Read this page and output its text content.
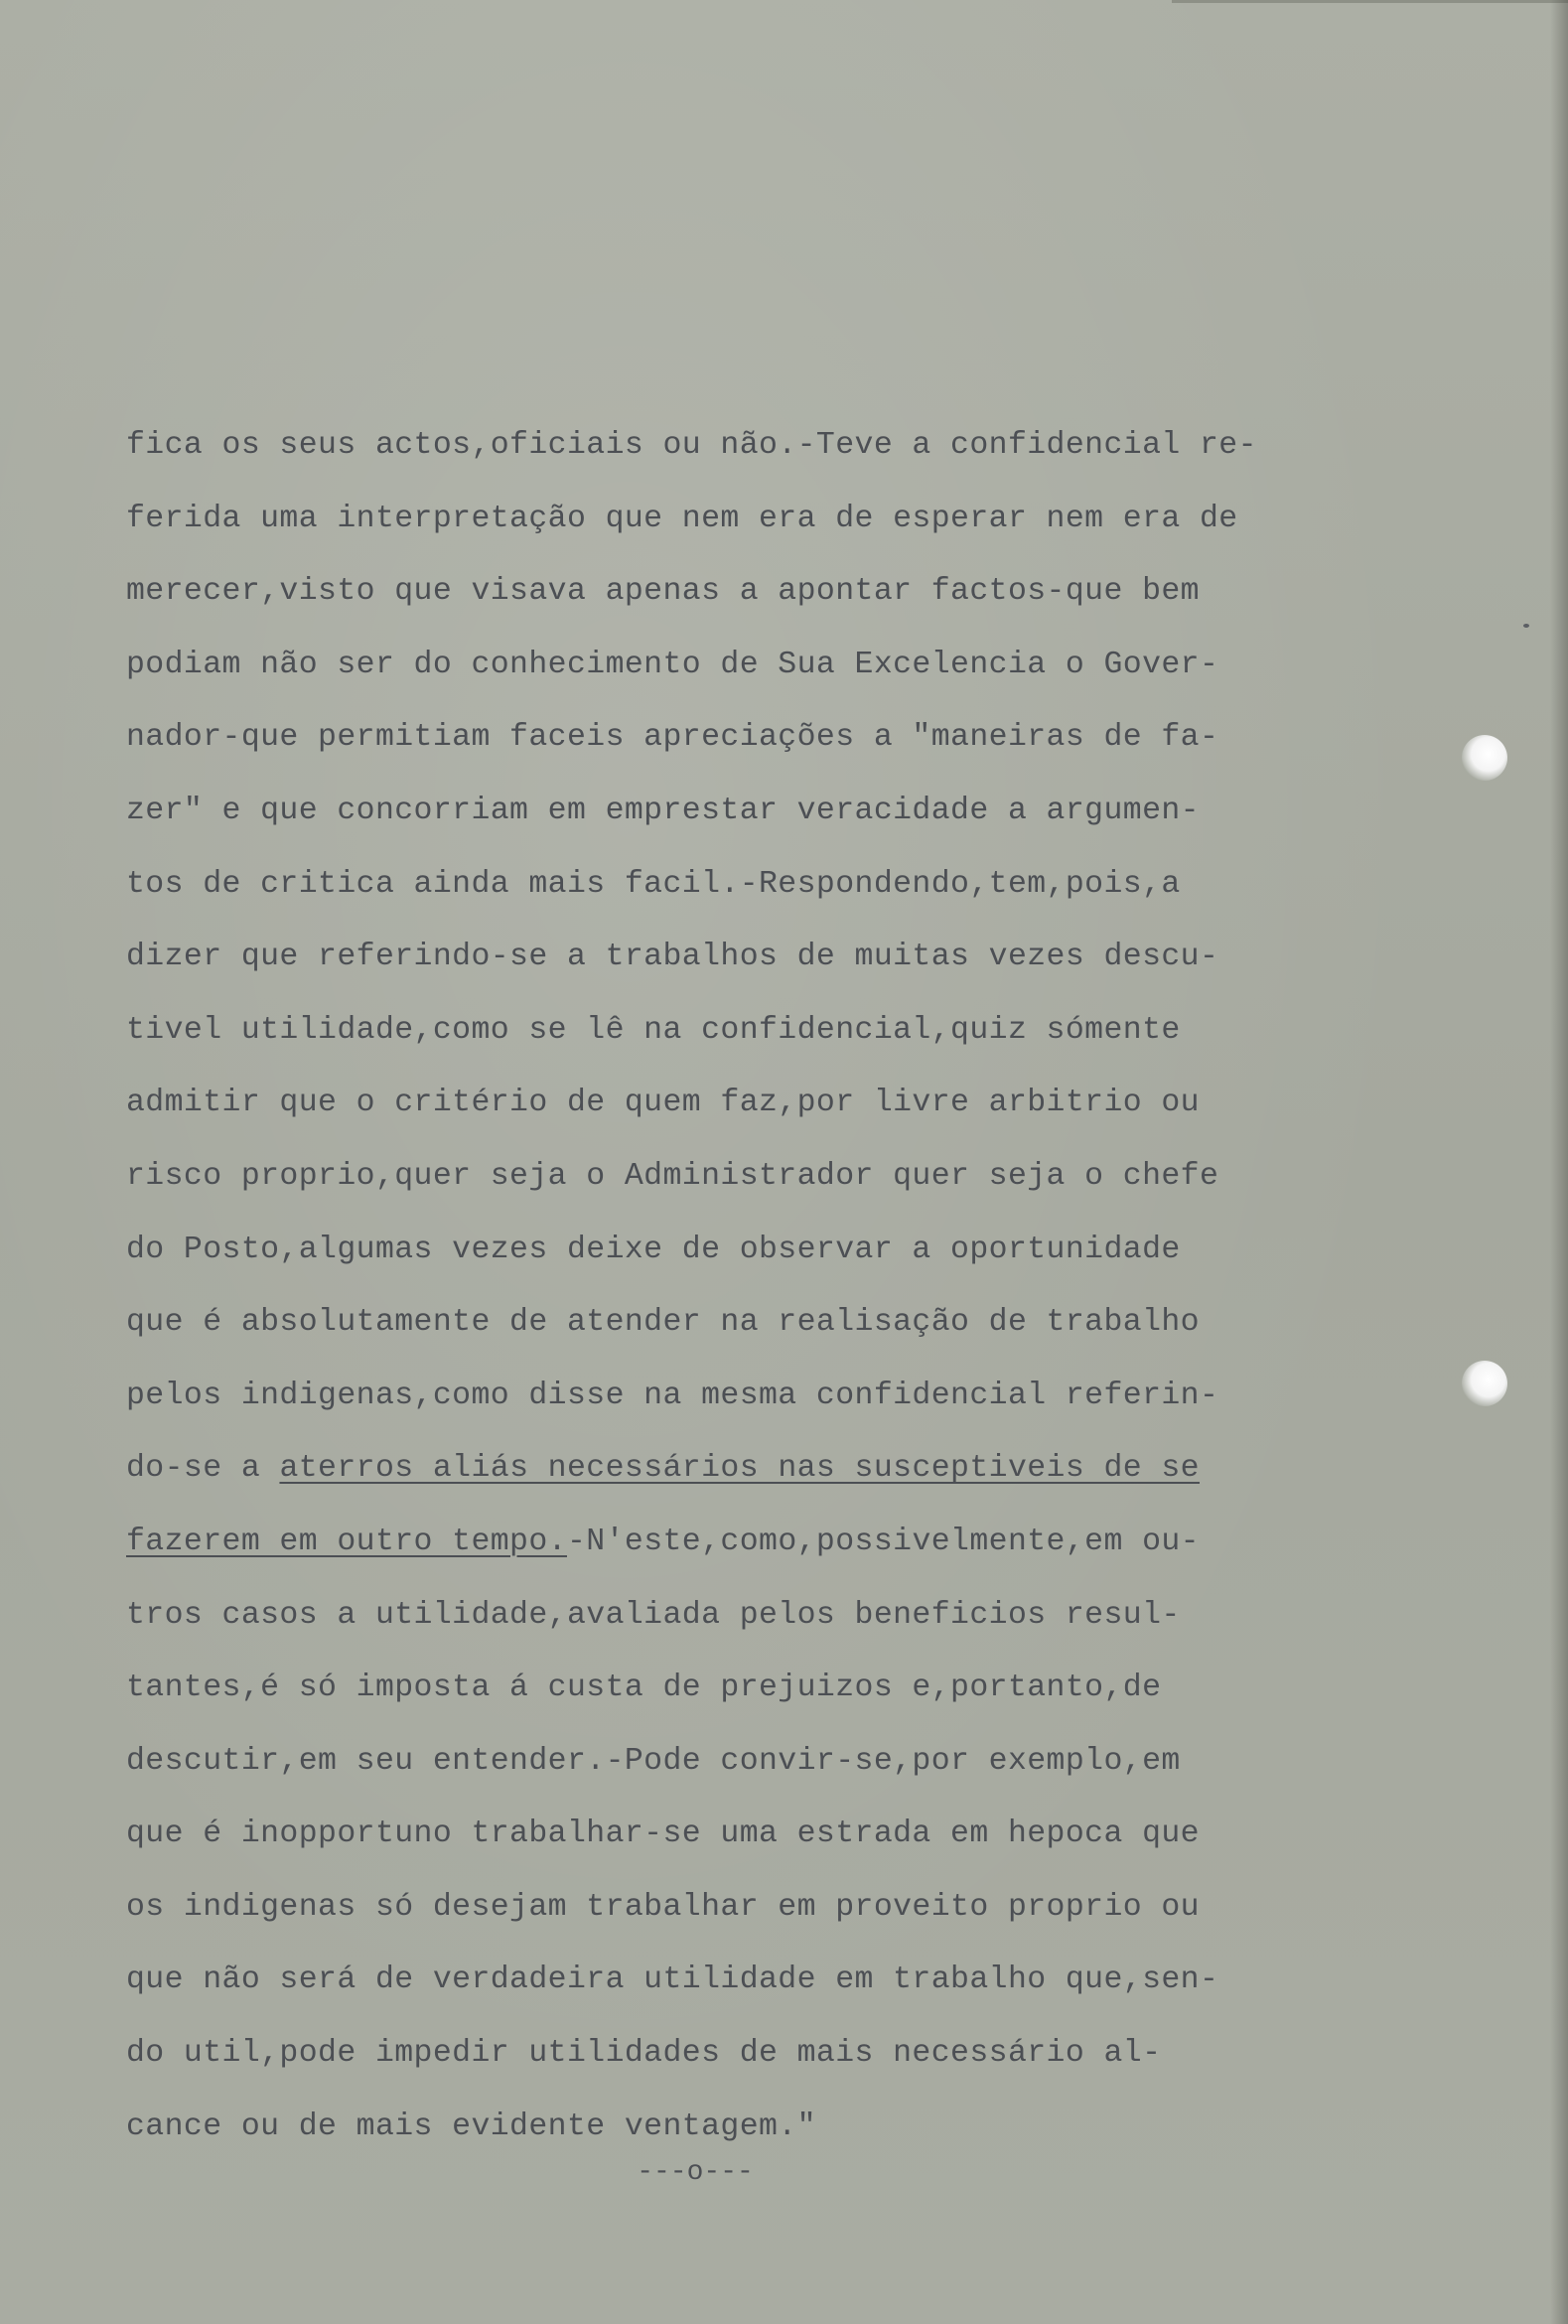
fica os seus actos,oficiais ou não.-Teve a confidencial re-
ferida uma interpretação que nem era de esperar nem era de
merecer,visto que visava apenas a apontar factos-que bem
podiam não ser do conhecimento de Sua Excelencia o Gover-
nador-que permitiam faceis apreciações a "maneiras de fa-
zer" e que concorriam em emprestar veracidade a argumen-
tos de critica ainda mais facil.-Respondendo,tem,pois,a
dizer que referindo-se a trabalhos de muitas vezes descu-
tivel utilidade,como se lê na confidencial,quiz sómente
admitir que o critério de quem faz,por livre arbitrio ou
risco proprio,quer seja o Administrador quer seja o chefe
do Posto,algumas vezes deixe de observar a oportunidade
que é absolutamente de atender na realisação de trabalho
pelos indigenas,como disse na mesma confidencial referin-
do-se a aterros aliás necessários nas susceptiveis de se
fazerem em outro tempo.-N'este,como,possivelmente,em ou-
tros casos a utilidade,avaliada pelos beneficios resul-
tantes,é só imposta á custa de prejuizos e,portanto,de
descutir,em seu entender.-Pode convir-se,por exemplo,em
que é inopportuno trabalhar-se uma estrada em hepoca que
os indigenas só desejam trabalhar em proveito proprio ou
que não será de verdadeira utilidade em trabalho que,sen-
do util,pode impedir utilidades de mais necessário al-
cance ou de mais evidente ventagem."
---o---
